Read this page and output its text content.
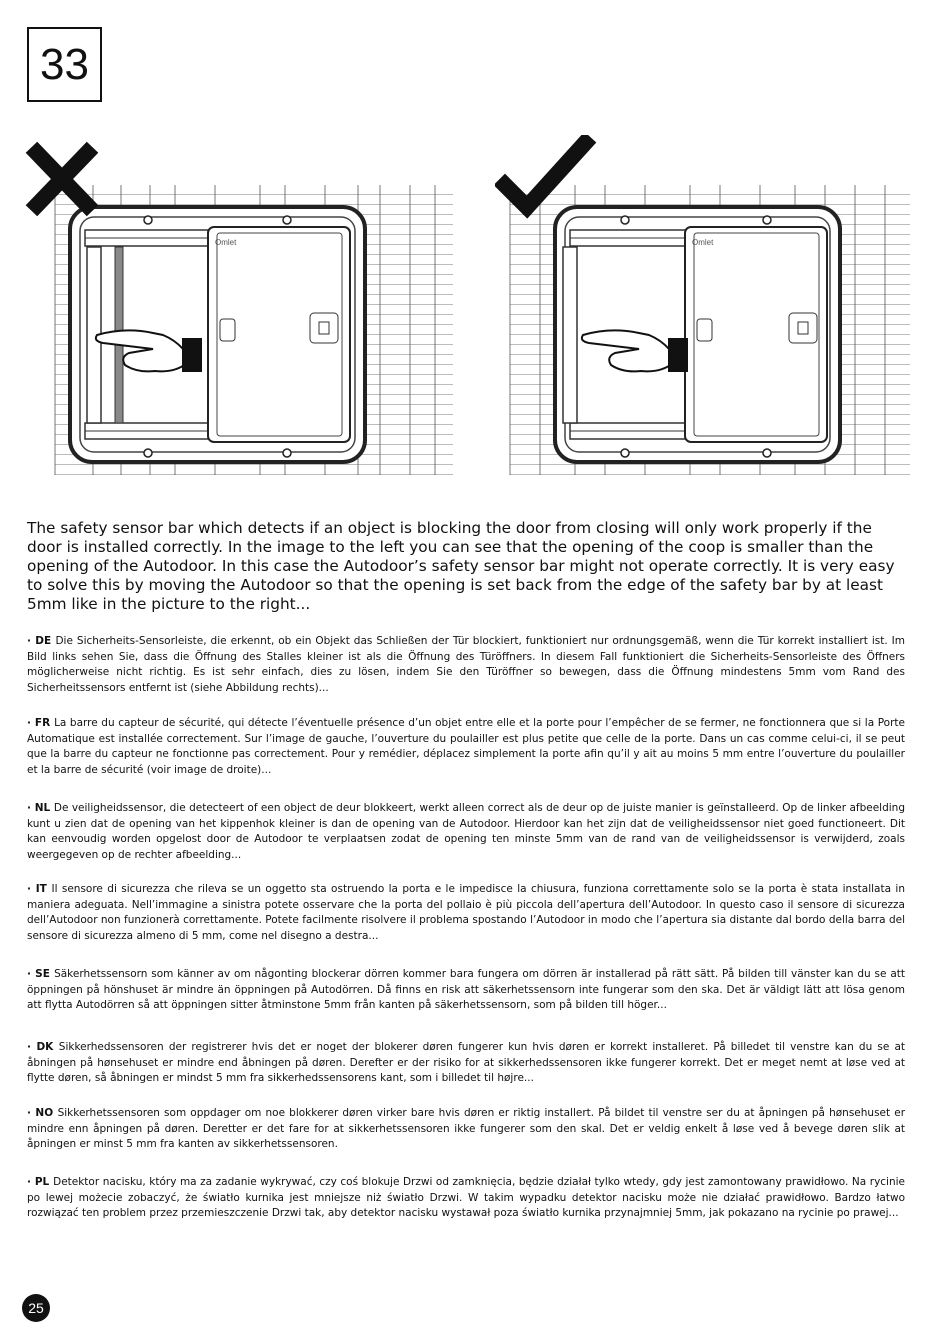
33
Omlet	Omlet
The safety sensor bar which detects if an object is blocking the door from closing will only work properly if the door is installed correctly. In the image to the left you can see that the opening of the coop is smaller than the opening of the Autodoor. In this case the Autodoor’s safety sensor bar might not operate correctly. It is very easy to solve this by moving the Autodoor so that the opening is set back from the edge of the safety bar by at least 5mm like in the picture to the right...
· DE Die Sicherheits-Sensorleiste, die erkennt, ob ein Objekt das Schließen der Tür blockiert, funktioniert nur ordnungsgemäß, wenn die Tür korrekt installiert ist. Im Bild links sehen Sie, dass die Öffnung des Stalles kleiner ist als die Öffnung des Türöffners. In diesem Fall funktioniert die Sicherheits-Sensorleiste des Öffners möglicherweise nicht richtig. Es ist sehr einfach, dies zu lösen, indem Sie den Türöffner so bewegen, dass die Öffnung mindestens 5mm vom Rand des Sicherheitssensors entfernt ist (siehe Abbildung rechts)...
· FR La barre du capteur de sécurité, qui détecte l’éventuelle présence d’un objet entre elle et la porte pour l’empêcher de se fermer, ne fonctionnera que si la Porte Automatique est installée correctement. Sur l’image de gauche, l’ouverture du poulailler est plus petite que celle de la porte. Dans un cas comme celui-ci, il se peut que la barre du capteur ne fonctionne pas correctement. Pour y remédier, déplacez simplement la porte afin qu’il y ait au moins 5 mm entre l’ouverture du poulailler et la barre de sécurité (voir image de droite)...
· NL De veiligheidssensor, die detecteert of een object de deur blokkeert, werkt alleen correct als de deur op de juiste manier is geïnstalleerd. Op de linker afbeelding kunt u zien dat de opening van het kippenhok kleiner is dan de opening van de Autodoor. Hierdoor kan het zijn dat de veiligheidssensor niet goed functioneert. Dit kan eenvoudig worden opgelost door de Autodoor te verplaatsen zodat de opening ten minste 5mm van de rand van de veiligheidssensor is verwijderd, zoals weergegeven op de rechter afbeelding...
· IT Il sensore di sicurezza che rileva se un oggetto sta ostruendo la porta e le impedisce la chiusura, funziona correttamente solo se la porta è stata installata in maniera adeguata. Nell’immagine a sinistra potete osservare che la porta del pollaio è più piccola dell’apertura dell’Autodoor. In questo caso il sensore di sicurezza dell’Autodoor non funzionerà correttamente. Potete facilmente risolvere il problema spostando l’Autodoor in modo che l’apertura sia distante dal bordo della barra del sensore di sicurezza almeno di 5 mm, come nel disegno a destra...
· SE Säkerhetssensorn som känner av om någonting blockerar dörren kommer bara fungera om dörren är installerad på rätt sätt. På bilden till vänster kan du se att öppningen på hönshuset är mindre än öppningen på Autodörren. Då finns en risk att säkerhetssensorn inte fungerar som den ska. Det är väldigt lätt att lösa genom att flytta Autodörren så att öppningen sitter åtminstone 5mm från kanten på säkerhetssensorn, som på bilden till höger...
· DK Sikkerhedssensoren der registrerer hvis det er noget der blokerer døren fungerer kun hvis døren er korrekt installeret. På billedet til venstre kan du se at åbningen på hønsehuset er mindre end åbningen på døren. Derefter er der risiko for at sikkerhedssensoren ikke fungerer korrekt. Det er meget nemt at løse ved at flytte døren, så åbningen er mindst 5 mm fra sikkerhedssensorens kant, som i billedet til højre...
· NO Sikkerhetssensoren som oppdager om noe blokkerer døren virker bare hvis døren er riktig installert. På bildet til venstre ser du at åpningen på hønsehuset er mindre enn åpningen på døren. Deretter er det fare for at sikkerhetssensoren ikke fungerer som den skal. Det er veldig enkelt å løse ved å bevege døren slik at åpningen er minst 5 mm fra kanten av sikkerhetssensoren.
· PL Detektor nacisku, który ma za zadanie wykrywać, czy coś blokuje Drzwi od zamknięcia, będzie działał tylko wtedy, gdy jest zamontowany prawidłowo. Na rycinie po lewej możecie zobaczyć, że światło kurnika jest mniejsze niż światło Drzwi. W takim wypadku detektor nacisku może nie działać prawidłowo. Bardzo łatwo rozwiązać ten problem przez przemieszczenie Drzwi tak, aby detektor nacisku wystawał poza światło kurnika przynajmniej 5mm, jak pokazano na rycinie po prawej...
25
